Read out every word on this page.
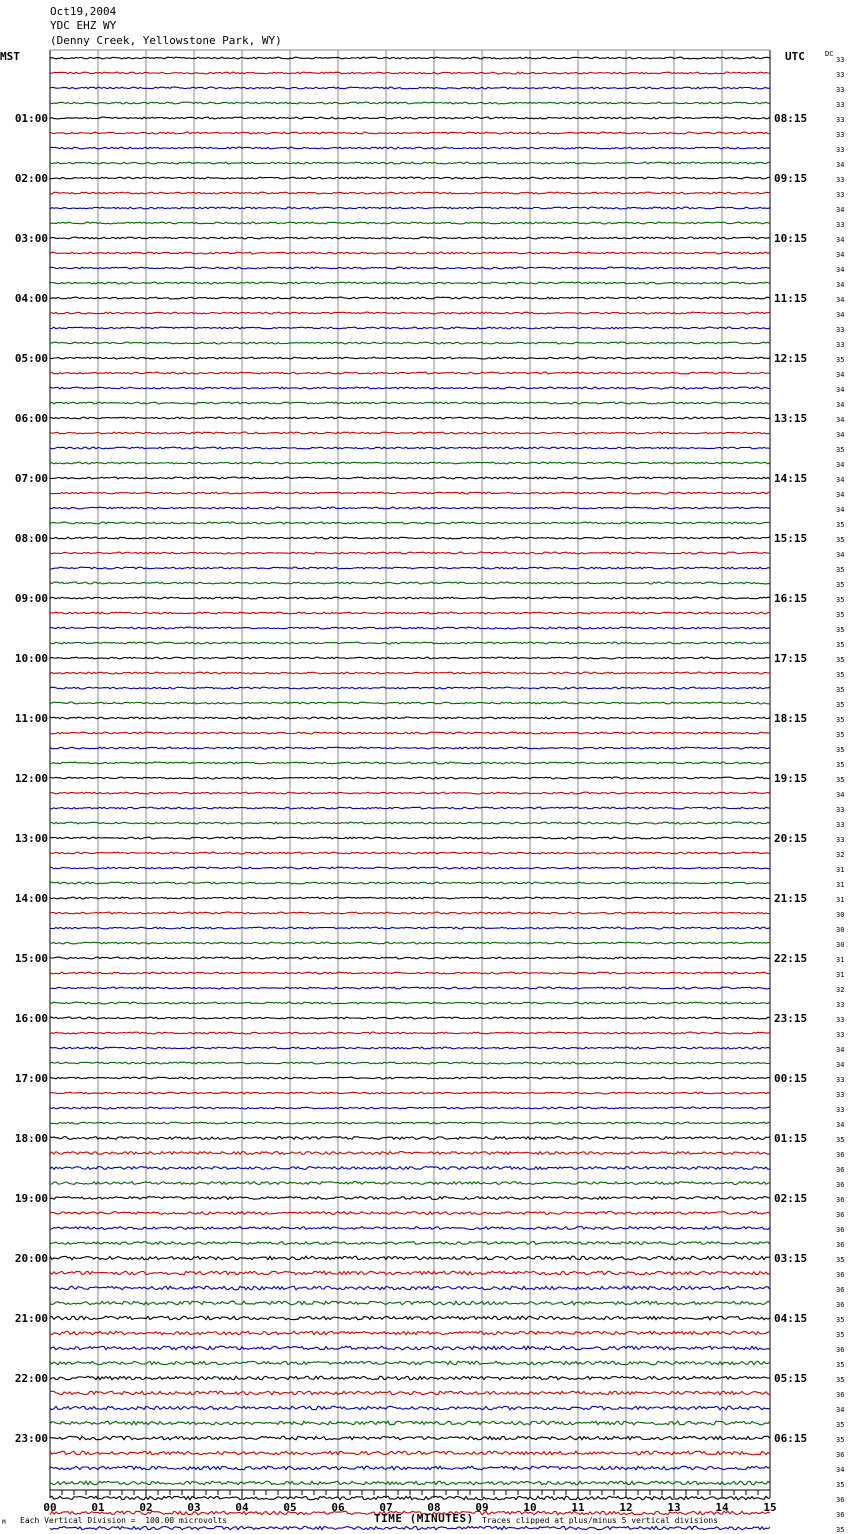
Oct19,2004
YDC EHZ WY
(Denny Creek, Yellowstone Park, WY)
MST	UTC	DC
33
33
33
33
33
33
33
34
33
33
34
33
34
34
34
34
34
34
33
33
35
34
34
34
34
34
35
34
34
34
34
35
35
34
35
35
35
35
35
35
35
35
35
35
35
35
35
35
35
34
33
33
33
32
31
31
31
30
30
30
31
31
32
33
33
33
34
34
33
33
33
34
35
36
36
36
36
36
36
36
35
36
36
36
35
35
36
35
35
36
34
35
35
36
34
35
36
36
35
01:00
02:00
03:00
04:00
05:00
06:00
07:00
08:00
09:00
10:00
11:00
12:00
13:00
14:00
15:00
16:00
17:00
18:00
19:00
20:00
21:00
22:00
23:00
08:15
09:15
10:15
11:15
12:15
13:15
14:15
15:15
16:15
17:15
18:15
19:15
20:15
21:15
22:15
23:15
00:15
01:15
02:15
03:15
04:15
05:15
06:15
00	01	02	03	04	05	06	07	08	09	10	11	12	13	14	15
TIME (MINUTES)
M Each Vertical Division =  100.00 microvolts	Traces clipped at plus/minus 5 vertical divisions
